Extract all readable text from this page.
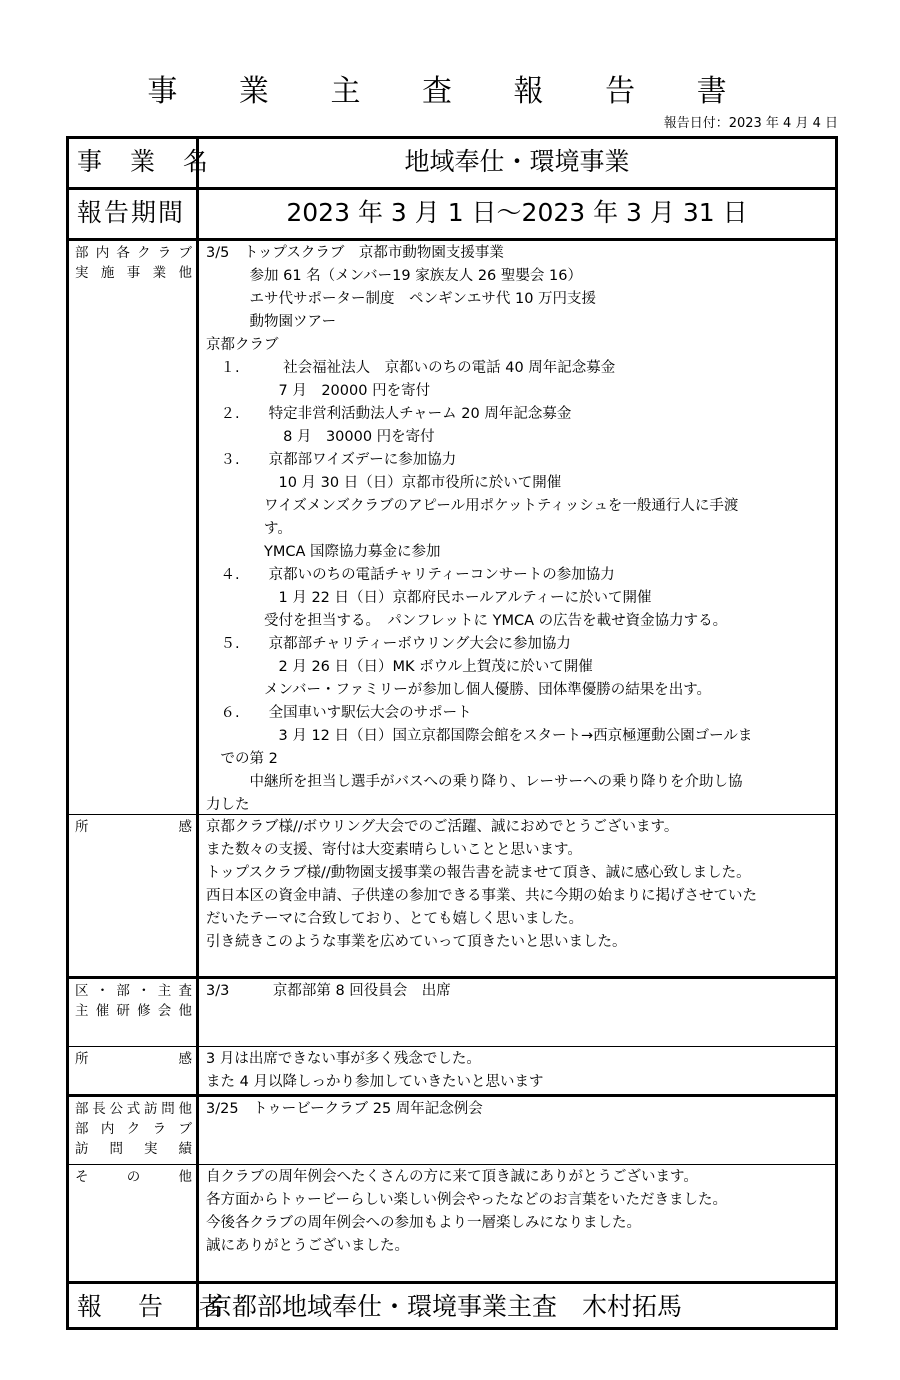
事 業 主 査 報 告 書
報告日付：2023 年 4 月 4 日
事 業 名	地域奉仕・環境事業
報告期間	2023 年 3 月 1 日～2023 年 3 月 31 日
部内各クラブ
実施事業他
3/5　トップスクラブ　京都市動物園支援事業
　　　参加 61 名（メンバー19 家族友人 26 聖嬰会 16）
　　　エサ代サポーター制度　ペンギンエサ代 10 万円支援
　　　動物園ツアー
京都クラブ
　１.　　　社会福祉法人　京都いのちの電話 40 周年記念募金
　　　　　7 月　20000 円を寄付
　２.　　特定非営利活動法人チャーム 20 周年記念募金
　　　　　 8 月　30000 円を寄付
　３.　　京都部ワイズデーに参加協力
　　　　　10 月 30 日（日）京都市役所に於いて開催
　　　　ワイズメンズクラブのアピール用ポケットティッシュを一般通行人に手渡
　　　　す。
　　　　YMCA 国際協力募金に参加
　４.　　京都いのちの電話チャリティーコンサートの参加協力
　　　　　1 月 22 日（日）京都府民ホールアルティーに於いて開催
　　　　受付を担当する。　パンフレットに YMCA の広告を載せ資金協力する。
　５.　　京都部チャリティーボウリング大会に参加協力
　　　　　2 月 26 日（日）MK ボウル上賀茂に於いて開催
　　　　メンバー・ファミリーが参加し個人優勝、団体準優勝の結果を出す。
　６.　　全国車いす駅伝大会のサポート
　　　　　3 月 12 日（日）国立京都国際会館をスタート→西京極運動公園ゴールま
　での第 2
　　　中継所を担当し選手がバスへの乗り降り、レーサーへの乗り降りを介助し協
力した
所　　感 京都クラブ様//ボウリング大会でのご活躍、誠におめでとうございます。
また数々の支援、寄付は大変素晴らしいことと思います。
トップスクラブ様//動物園支援事業の報告書を読ませて頂き、誠に感心致しました。
西日本区の資金申請、子供達の参加できる事業、共に今期の始まりに掲げさせていた
だいたテーマに合致しており、とても嬉しく思いました。
引き続きこのような事業を広めていって頂きたいと思いました。
区・部・主査
主催研修会他
3/3　　　京都部第 8 回役員会　出席
所　　感 3 月は出席できない事が多く残念でした。
また 4 月以降しっかり参加していきたいと思います
部長公式訪問他
部内クラブ
訪問実績
3/25　トゥービークラブ 25 周年記念例会
そ　の　他 自クラブの周年例会へたくさんの方に来て頂き誠にありがとうございます。
各方面からトゥービーらしい楽しい例会やったなどのお言葉をいただきました。
今後各クラブの周年例会への参加もより一層楽しみになりました。
誠にありがとうございました。
報 告 者
京都部地域奉仕・環境事業主査　木村拓馬
